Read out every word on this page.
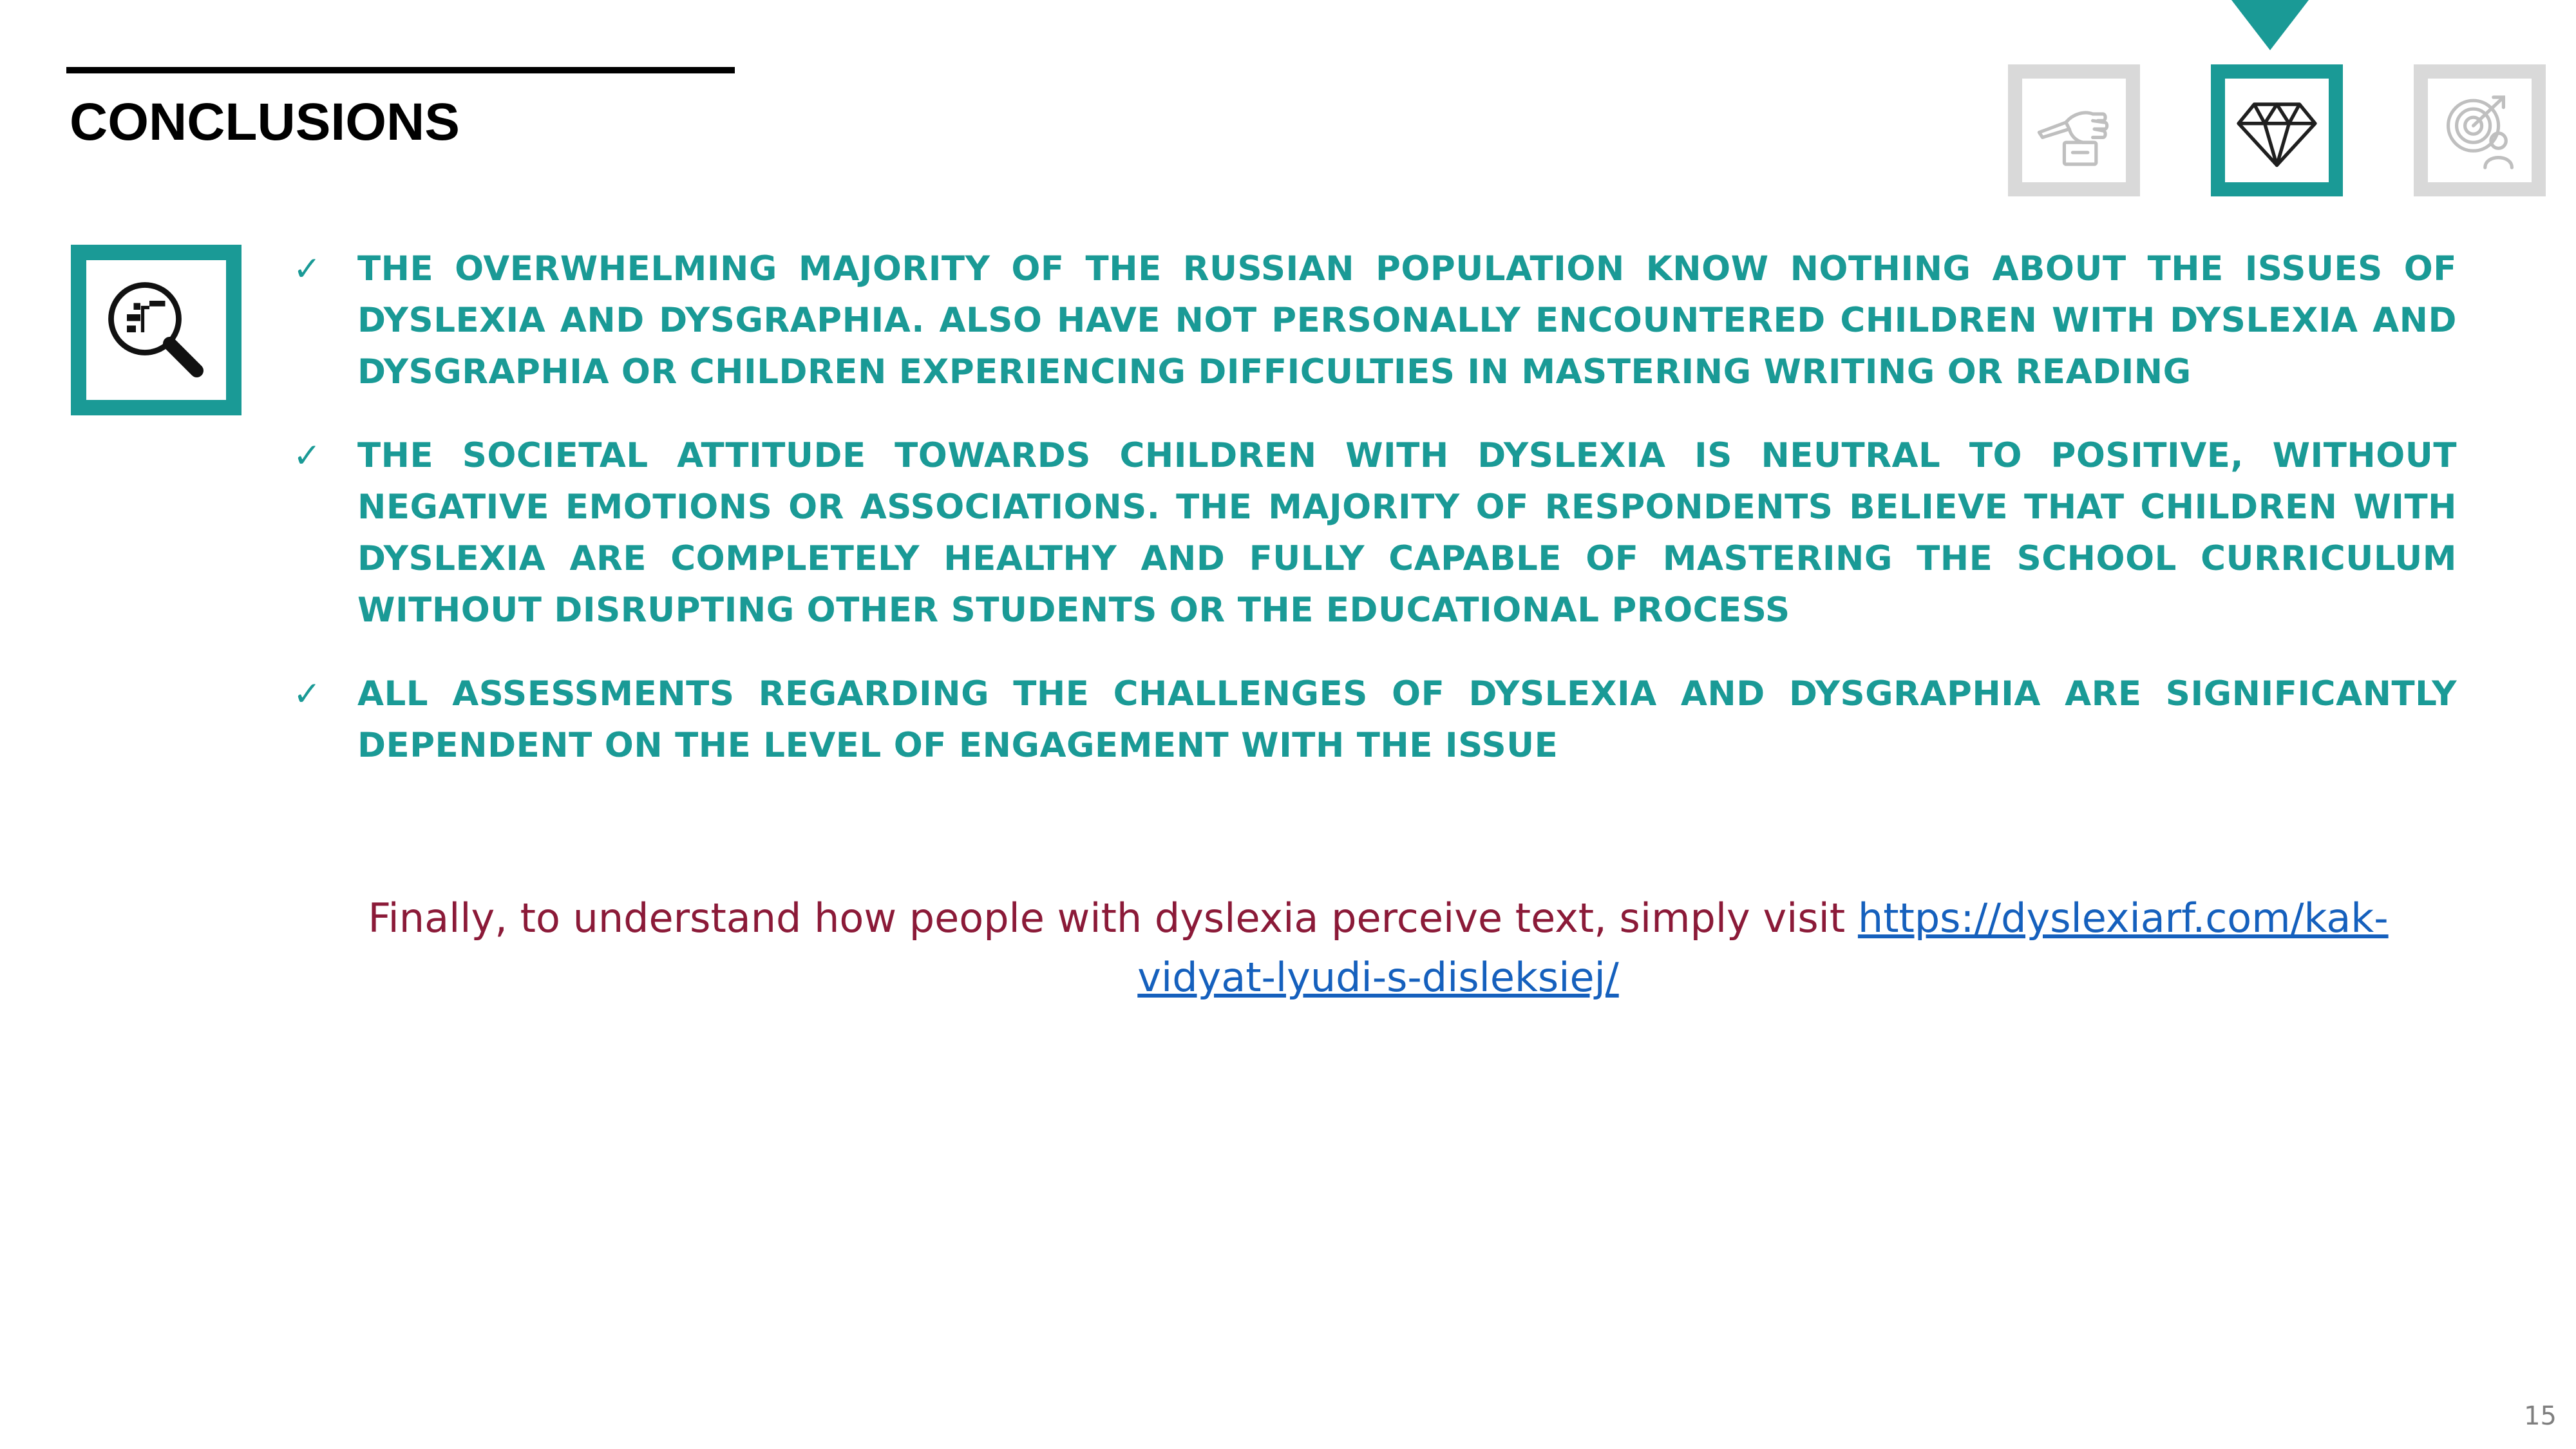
CONCLUSIONS
✓ THE OVERWHELMING MAJORITY OF THE RUSSIAN POPULATION KNOW NOTHING ABOUT THE ISSUES OF DYSLEXIA AND DYSGRAPHIA. ALSO HAVE NOT PERSONALLY ENCOUNTERED CHILDREN WITH DYSLEXIA AND DYSGRAPHIA OR CHILDREN EXPERIENCING DIFFICULTIES IN MASTERING WRITING OR READING
✓ THE SOCIETAL ATTITUDE TOWARDS CHILDREN WITH DYSLEXIA IS NEUTRAL TO POSITIVE, WITHOUT NEGATIVE EMOTIONS OR ASSOCIATIONS. THE MAJORITY OF RESPONDENTS BELIEVE THAT CHILDREN WITH DYSLEXIA ARE COMPLETELY HEALTHY AND FULLY CAPABLE OF MASTERING THE SCHOOL CURRICULUM WITHOUT DISRUPTING OTHER STUDENTS OR THE EDUCATIONAL PROCESS
✓ ALL ASSESSMENTS REGARDING THE CHALLENGES OF DYSLEXIA AND DYSGRAPHIA ARE SIGNIFICANTLY DEPENDENT ON THE LEVEL OF ENGAGEMENT WITH THE ISSUE

Finally, to understand how people with dyslexia perceive text, simply visit https://dyslexiarf.com/kak-vidyat-lyudi-s-disleksiej/

15
